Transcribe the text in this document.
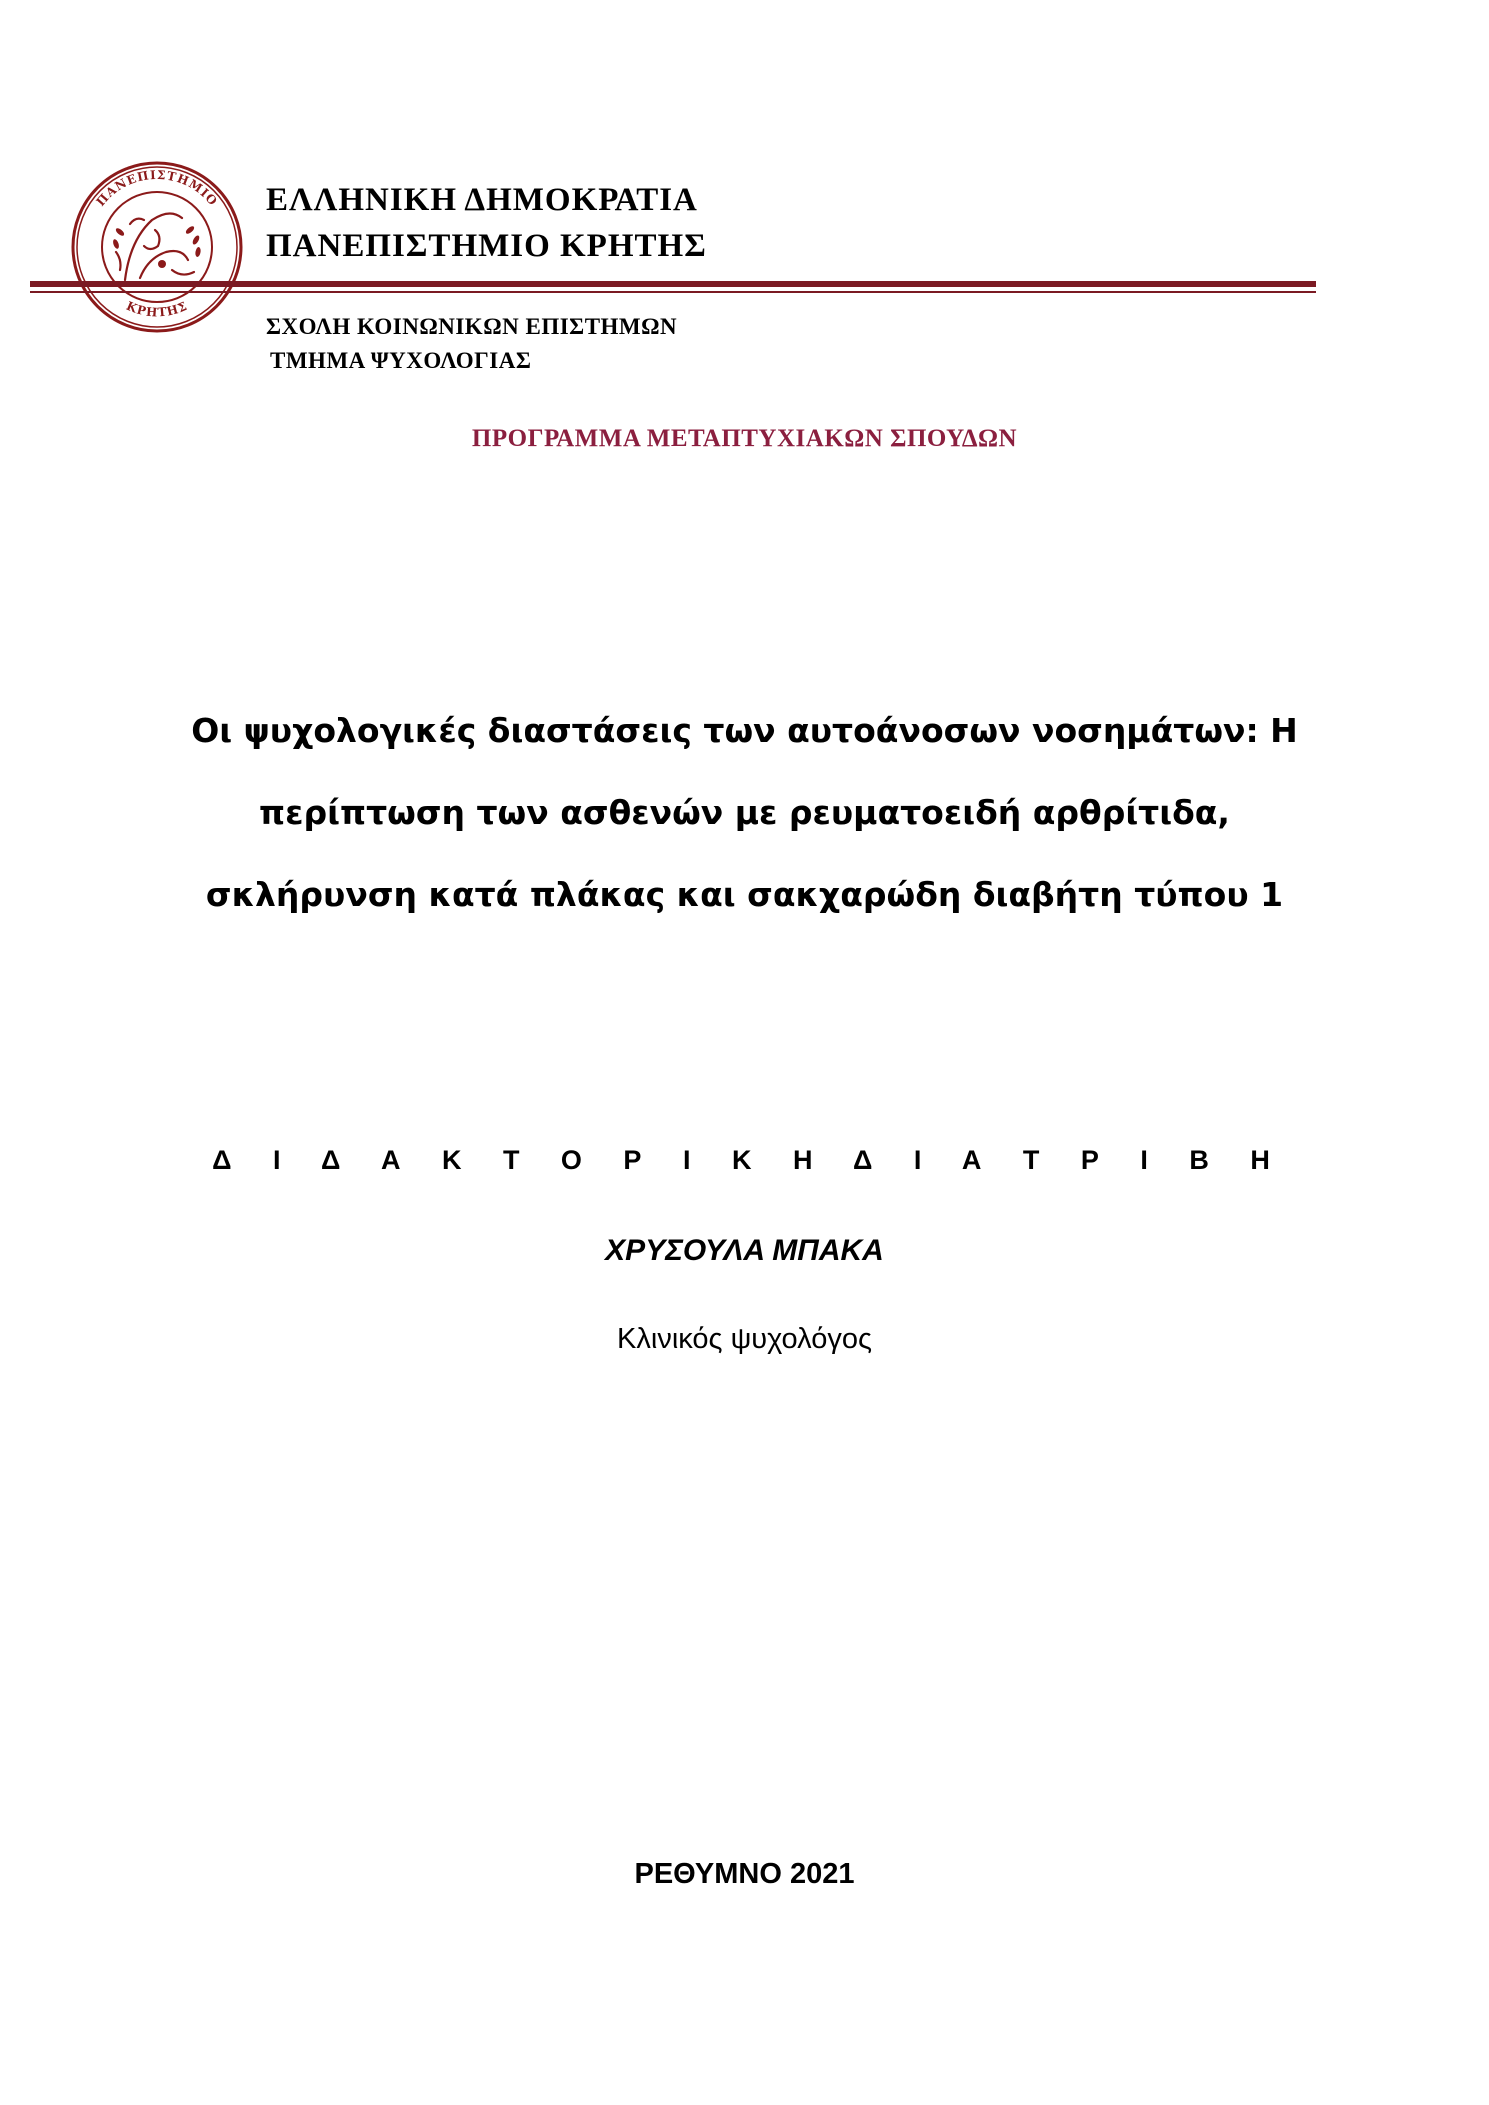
ΠΑΝΕΠΙΣΤΗΜΙΟ
ΚΡΗΤΗΣ
ΕΛΛΗΝΙΚΗ ΔΗΜΟΚΡΑΤΙΑ
ΠΑΝΕΠΙΣΤΗΜΙΟ ΚΡΗΤΗΣ
ΣΧΟΛΗ ΚΟΙΝΩΝΙΚΩΝ ΕΠΙΣΤΗΜΩΝ
ΤΜΗΜΑ ΨΥΧΟΛΟΓΙΑΣ
ΠΡΟΓΡΑΜΜΑ ΜΕΤΑΠΤΥΧΙΑΚΩΝ ΣΠΟΥΔΩΝ
Οι ψυχολογικές διαστάσεις των αυτοάνοσων νοσημάτων: Η
περίπτωση των ασθενών με ρευματοειδή αρθρίτιδα,
σκλήρυνση κατά πλάκας και σακχαρώδη διαβήτη τύπου 1
Δ Ι Δ Α Κ Τ Ο Ρ Ι Κ Η Δ Ι Α Τ Ρ Ι Β Η
ΧΡΥΣΟΥΛΑ ΜΠΑΚΑ
Κλινικός ψυχολόγος
ΡΕΘΥΜΝΟ 2021
